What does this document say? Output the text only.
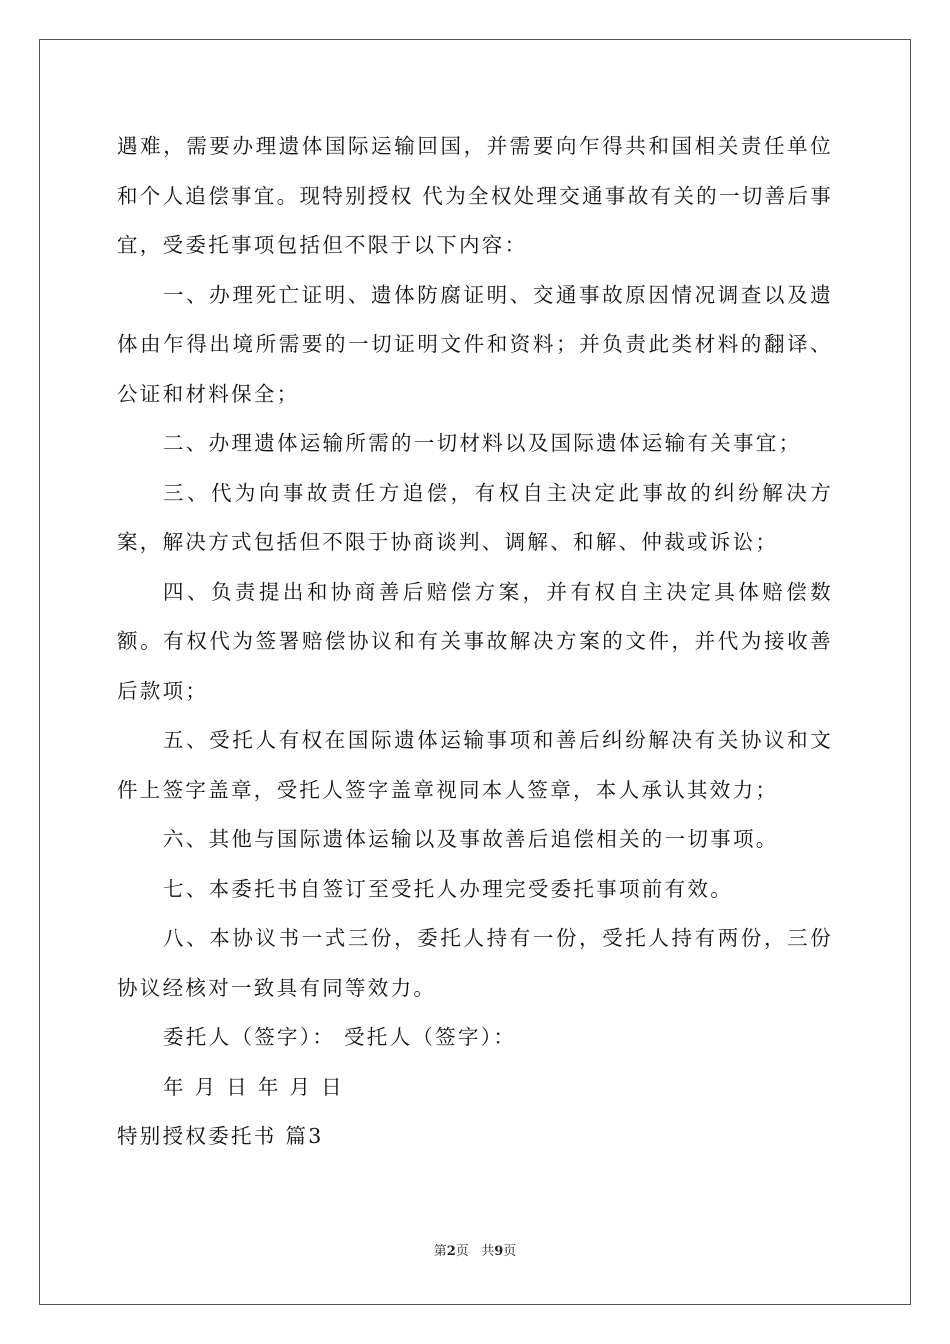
遇难，需要办理遗体国际运输回国，并需要向乍得共和国相关责任单位和个人追偿事宜。现特别授权 代为全权处理交通事故有关的一切善后事宜，受委托事项包括但不限于以下内容：

一、办理死亡证明、遗体防腐证明、交通事故原因情况调查以及遗体由乍得出境所需要的一切证明文件和资料；并负责此类材料的翻译、公证和材料保全；

二、办理遗体运输所需的一切材料以及国际遗体运输有关事宜；

三、代为向事故责任方追偿，有权自主决定此事故的纠纷解决方案，解决方式包括但不限于协商谈判、调解、和解、仲裁或诉讼；

四、负责提出和协商善后赔偿方案，并有权自主决定具体赔偿数额。有权代为签署赔偿协议和有关事故解决方案的文件，并代为接收善后款项；

五、受托人有权在国际遗体运输事项和善后纠纷解决有关协议和文件上签字盖章，受托人签字盖章视同本人签章，本人承认其效力；

六、其他与国际遗体运输以及事故善后追偿相关的一切事项。

七、本委托书自签订至受托人办理完受委托事项前有效。

八、本协议书一式三份，委托人持有一份，受托人持有两份，三份协议经核对一致具有同等效力。

委托人（签字）： 受托人（签字）：

年 月 日 年 月 日

特别授权委托书 篇3

第2页 共9页
